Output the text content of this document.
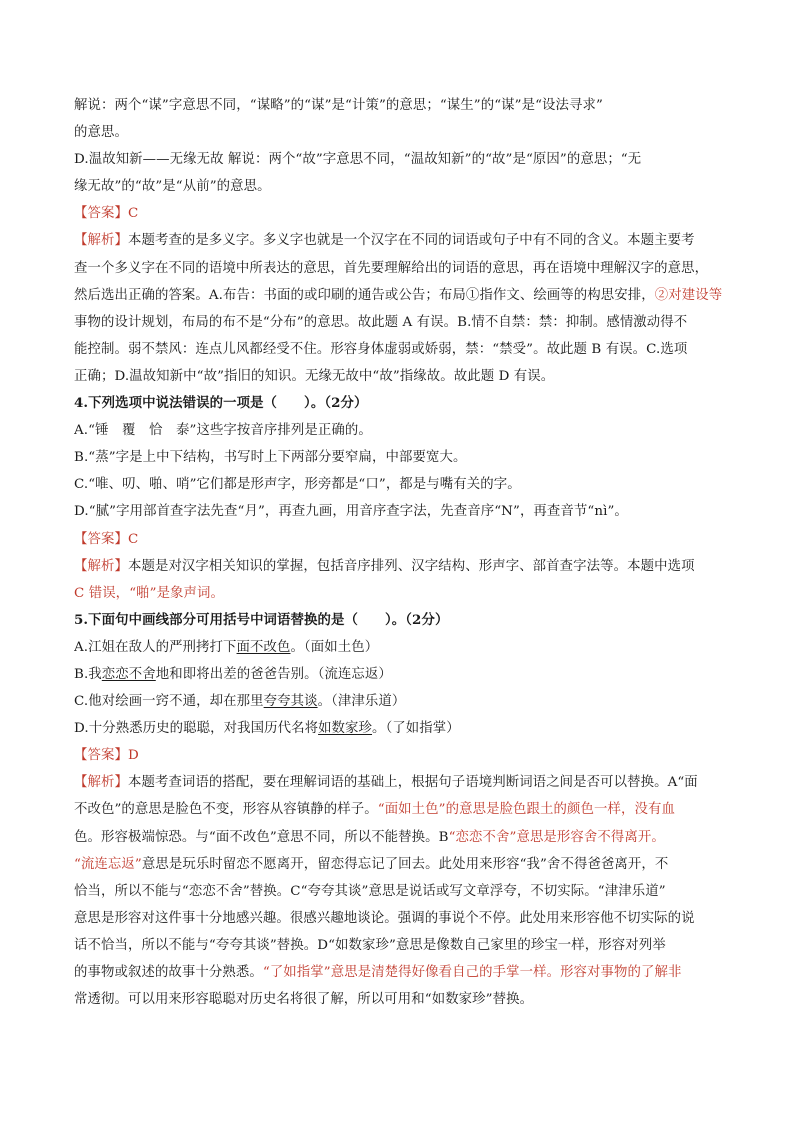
解说：两个“谋”字意思不同，“谋略”的“谋”是“计策”的意思；“谋生”的“谋”是“设法寻求”
的意思。
D.温故知新——无缘无故 解说：两个“故”字意思不同，“温故知新”的“故”是“原因”的意思；“无
缘无故”的“故”是“从前”的意思。
【答案】C
【解析】本题考查的是多义字。多义字也就是一个汉字在不同的词语或句子中有不同的含义。本题主要考
查一个多义字在不同的语境中所表达的意思，首先要理解给出的词语的意思，再在语境中理解汉字的意思，
然后选出正确的答案。A.布告：书面的或印刷的通告或公告；布局①指作文、绘画等的构思安排，②对建设等
事物的设计规划，布局的布不是“分布”的意思。故此题 A 有误。B.情不自禁：禁：抑制。感情激动得不
能控制。弱不禁风：连点儿风都经受不住。形容身体虚弱或娇弱，禁：“禁受”。故此题 B 有误。C.选项
正确；D.温故知新中“故”指旧的知识。无缘无故中“故”指缘故。故此题 D 有误。
4.下列选项中说法错误的一项是（　　）。（2分）
A.“锤　覆　恰　泰”这些字按音序排列是正确的。
B.“蒸”字是上中下结构，书写时上下两部分要窄扁，中部要宽大。
C.“唯、叨、啪、哨”它们都是形声字，形旁都是“口”，都是与嘴有关的字。
D.“腻”字用部首查字法先查“月”，再查九画，用音序查字法，先查音序“N”，再查音节“nì”。
【答案】C
【解析】本题是对汉字相关知识的掌握，包括音序排列、汉字结构、形声字、部首查字法等。本题中选项
C 错误，“啪”是象声词。
5.下面句中画线部分可用括号中词语替换的是（　　）。（2分）
A.江姐在敌人的严刑拷打下面不改色。（面如土色）
B.我恋恋不舍地和即将出差的爸爸告别。（流连忘返）
C.他对绘画一窍不通，却在那里夸夸其谈。（津津乐道）
D.十分熟悉历史的聪聪，对我国历代名将如数家珍。（了如指掌）
【答案】D
【解析】本题考查词语的搭配，要在理解词语的基础上，根据句子语境判断词语之间是否可以替换。A“面
不改色”的意思是脸色不变，形容从容镇静的样子。“面如土色”的意思是脸色跟土的颜色一样，没有血
色。形容极端惊恐。与“面不改色”意思不同，所以不能替换。B“恋恋不舍”意思是形容舍不得离开。
“流连忘返”意思是玩乐时留恋不愿离开，留恋得忘记了回去。此处用来形容“我”舍不得爸爸离开，不
恰当，所以不能与“恋恋不舍”替换。C“夸夸其谈”意思是说话或写文章浮夸，不切实际。“津津乐道”
意思是形容对这件事十分地感兴趣。很感兴趣地谈论。强调的事说个不停。此处用来形容他不切实际的说
话不恰当，所以不能与“夸夸其谈”替换。D“如数家珍”意思是像数自己家里的珍宝一样，形容对列举
的事物或叙述的故事十分熟悉。“了如指掌”意思是清楚得好像看自己的手掌一样。形容对事物的了解非
常透彻。可以用来形容聪聪对历史名将很了解，所以可用和“如数家珍”替换。
